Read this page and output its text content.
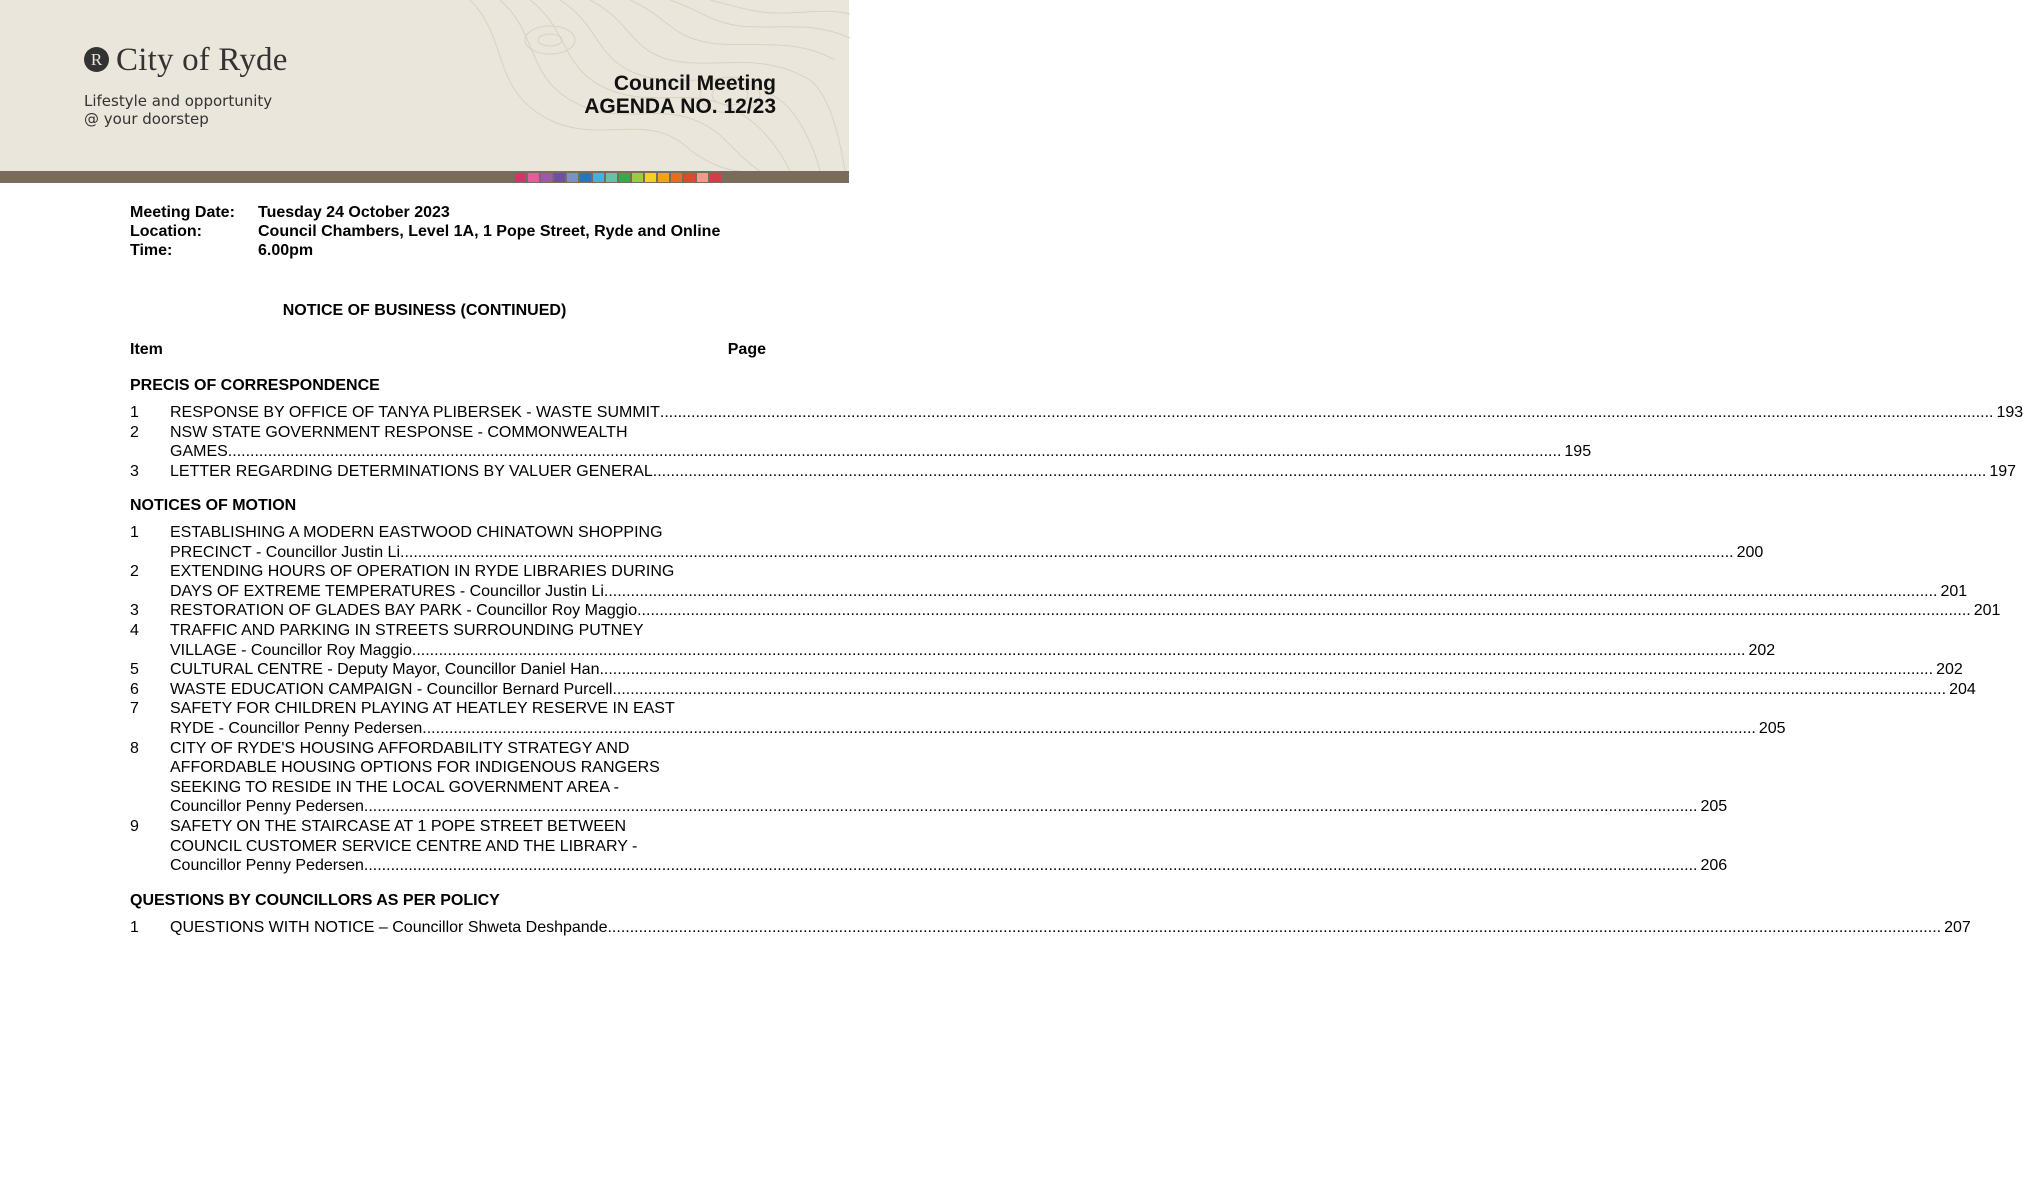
R City of Ryde
Lifestyle and opportunity
@ your doorstep
Council Meeting
AGENDA NO. 12/23
Meeting Date:	Tuesday 24 October 2023
Location:	Council Chambers, Level 1A, 1 Pope Street, Ryde and Online
Time:	6.00pm
NOTICE OF BUSINESS (CONTINUED)
Item	Page
PRECIS OF CORRESPONDENCE
1 RESPONSE BY OFFICE OF TANYA PLIBERSEK - WASTE SUMMIT ............................................................................................................................................................................................................................................................................................................ 193
2 NSW STATE GOVERNMENT RESPONSE - COMMONWEALTH
GAMES ............................................................................................................................................................................................................................................................................................................ 195
3 LETTER REGARDING DETERMINATIONS BY VALUER GENERAL ............................................................................................................................................................................................................................................................................................................ 197
NOTICES OF MOTION
1 ESTABLISHING A MODERN EASTWOOD CHINATOWN SHOPPING
PRECINCT - Councillor Justin Li ............................................................................................................................................................................................................................................................................................................ 200
2 EXTENDING HOURS OF OPERATION IN RYDE LIBRARIES DURING
DAYS OF EXTREME TEMPERATURES - Councillor Justin Li ............................................................................................................................................................................................................................................................................................................ 201
3 RESTORATION OF GLADES BAY PARK - Councillor Roy Maggio ............................................................................................................................................................................................................................................................................................................ 201
4 TRAFFIC AND PARKING IN STREETS SURROUNDING PUTNEY
VILLAGE - Councillor Roy Maggio ............................................................................................................................................................................................................................................................................................................ 202
5 CULTURAL CENTRE - Deputy Mayor, Councillor Daniel Han ............................................................................................................................................................................................................................................................................................................ 202
6 WASTE EDUCATION CAMPAIGN - Councillor Bernard Purcell ............................................................................................................................................................................................................................................................................................................ 204
7 SAFETY FOR CHILDREN PLAYING AT HEATLEY RESERVE IN EAST
RYDE - Councillor Penny Pedersen ............................................................................................................................................................................................................................................................................................................ 205
8 CITY OF RYDE'S HOUSING AFFORDABILITY STRATEGY AND
AFFORDABLE HOUSING OPTIONS FOR INDIGENOUS RANGERS
SEEKING TO RESIDE IN THE LOCAL GOVERNMENT AREA -
Councillor Penny Pedersen ............................................................................................................................................................................................................................................................................................................ 205
9 SAFETY ON THE STAIRCASE AT 1 POPE STREET BETWEEN
COUNCIL CUSTOMER SERVICE CENTRE AND THE LIBRARY -
Councillor Penny Pedersen ............................................................................................................................................................................................................................................................................................................ 206
QUESTIONS BY COUNCILLORS AS PER POLICY
1 QUESTIONS WITH NOTICE – Councillor Shweta Deshpande ............................................................................................................................................................................................................................................................................................................ 207
